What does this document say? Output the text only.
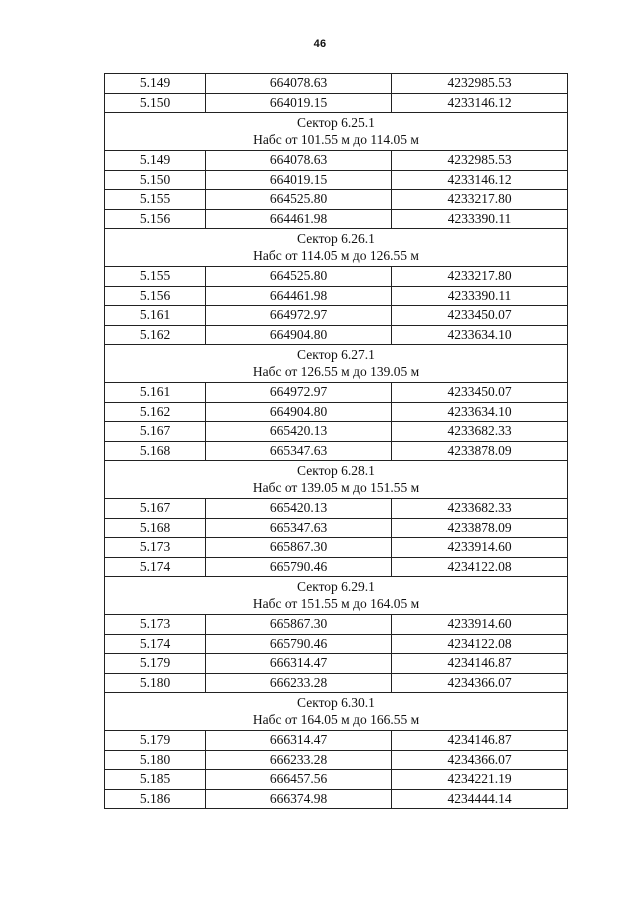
46
5.149	664078.63	4232985.53
5.150	664019.15	4233146.12

Сектор 6.25.1
Набс от 101.55 м до 114.05 м		

5.149	664078.63	4232985.53
5.150	664019.15	4233146.12
5.155	664525.80	4233217.80
5.156	664461.98	4233390.11

Сектор 6.26.1
Набс от 114.05 м до 126.55 м		

5.155	664525.80	4233217.80
5.156	664461.98	4233390.11
5.161	664972.97	4233450.07
5.162	664904.80	4233634.10

Сектор 6.27.1
Набс от 126.55 м до 139.05 м		

5.161	664972.97	4233450.07
5.162	664904.80	4233634.10
5.167	665420.13	4233682.33
5.168	665347.63	4233878.09

Сектор 6.28.1
Набс от 139.05 м до 151.55 м		

5.167	665420.13	4233682.33
5.168	665347.63	4233878.09
5.173	665867.30	4233914.60
5.174	665790.46	4234122.08

Сектор 6.29.1
Набс от 151.55 м до 164.05 м		

5.173	665867.30	4233914.60
5.174	665790.46	4234122.08
5.179	666314.47	4234146.87
5.180	666233.28	4234366.07

Сектор 6.30.1
Набс от 164.05 м до 166.55 м		

5.179	666314.47	4234146.87
5.180	666233.28	4234366.07
5.185	666457.56	4234221.19
5.186	666374.98	4234444.14
